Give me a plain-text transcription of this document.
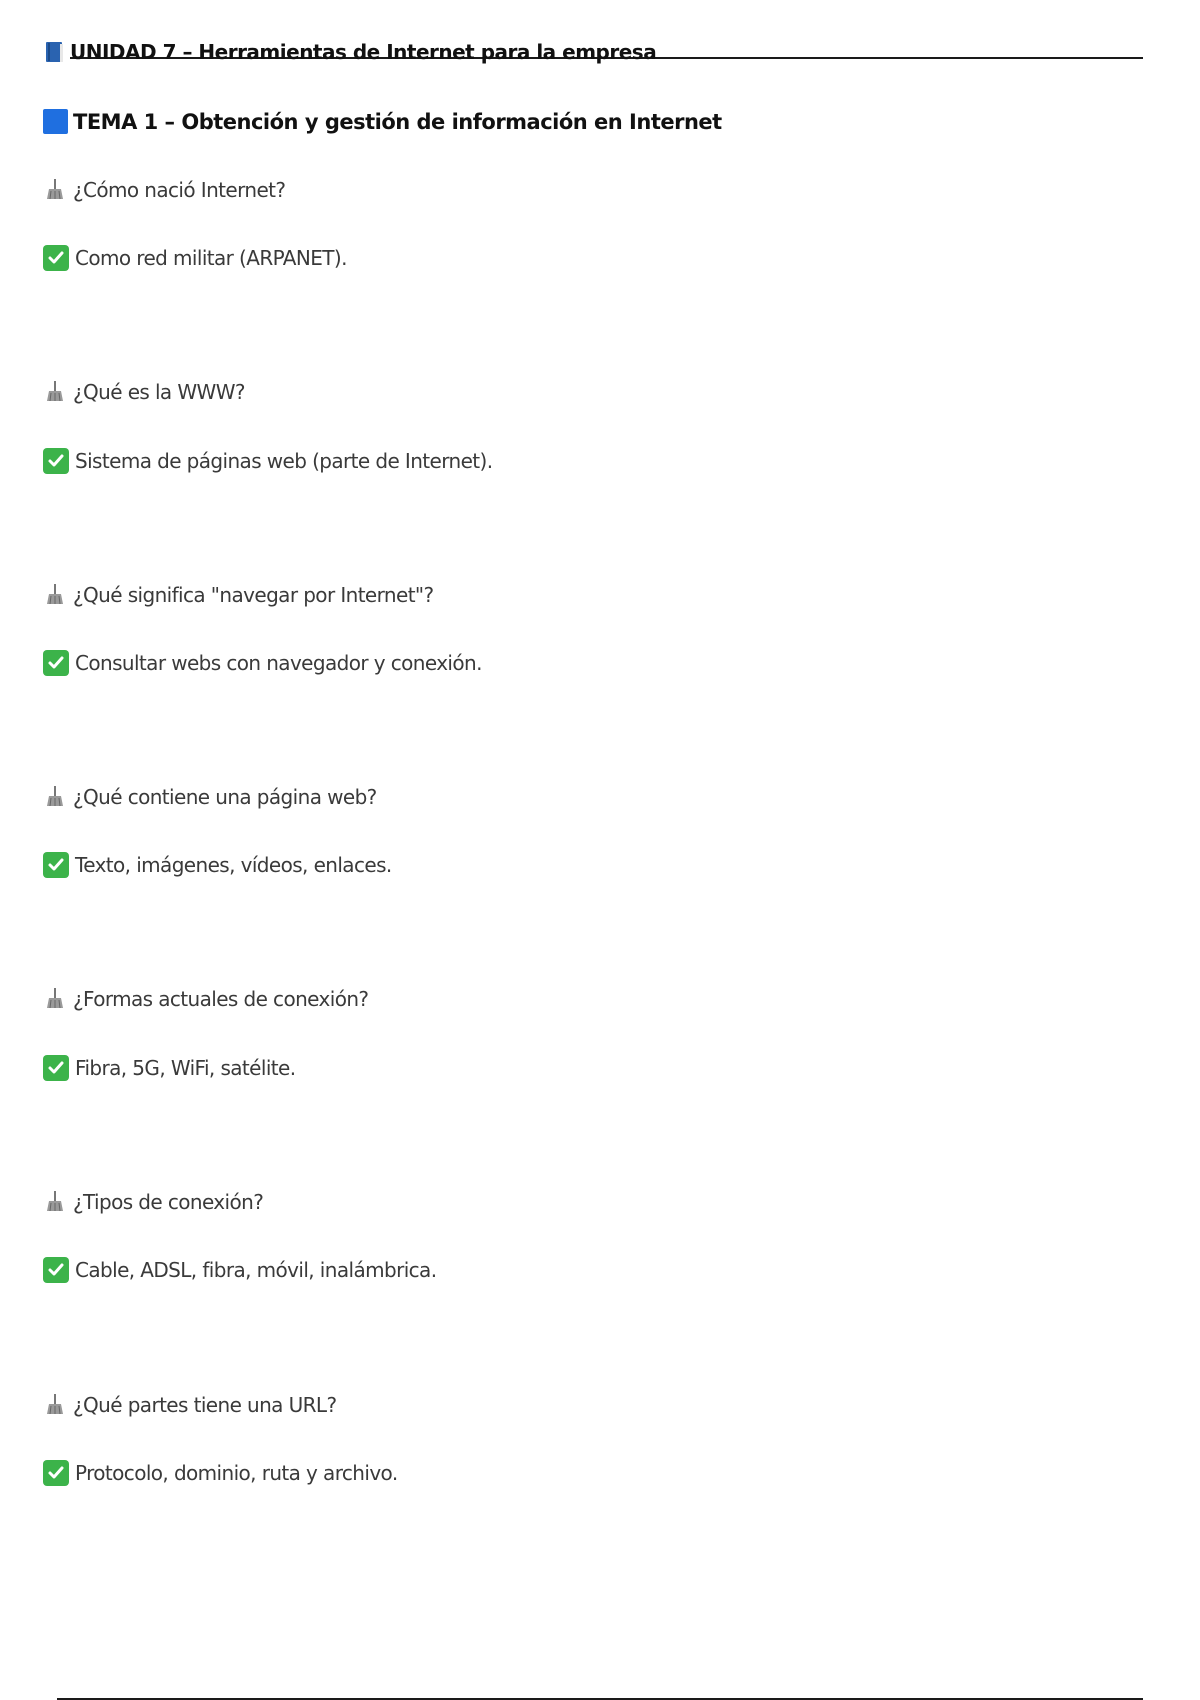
UNIDAD 7 – Herramientas de Internet para la empresa
TEMA 1 – Obtención y gestión de información en Internet
¿Cómo nació Internet?
Como red militar (ARPANET).
¿Qué es la WWW?
Sistema de páginas web (parte de Internet).
¿Qué significa "navegar por Internet"?
Consultar webs con navegador y conexión.
¿Qué contiene una página web?
Texto, imágenes, vídeos, enlaces.
¿Formas actuales de conexión?
Fibra, 5G, WiFi, satélite.
¿Tipos de conexión?
Cable, ADSL, fibra, móvil, inalámbrica.
¿Qué partes tiene una URL?
Protocolo, dominio, ruta y archivo.
